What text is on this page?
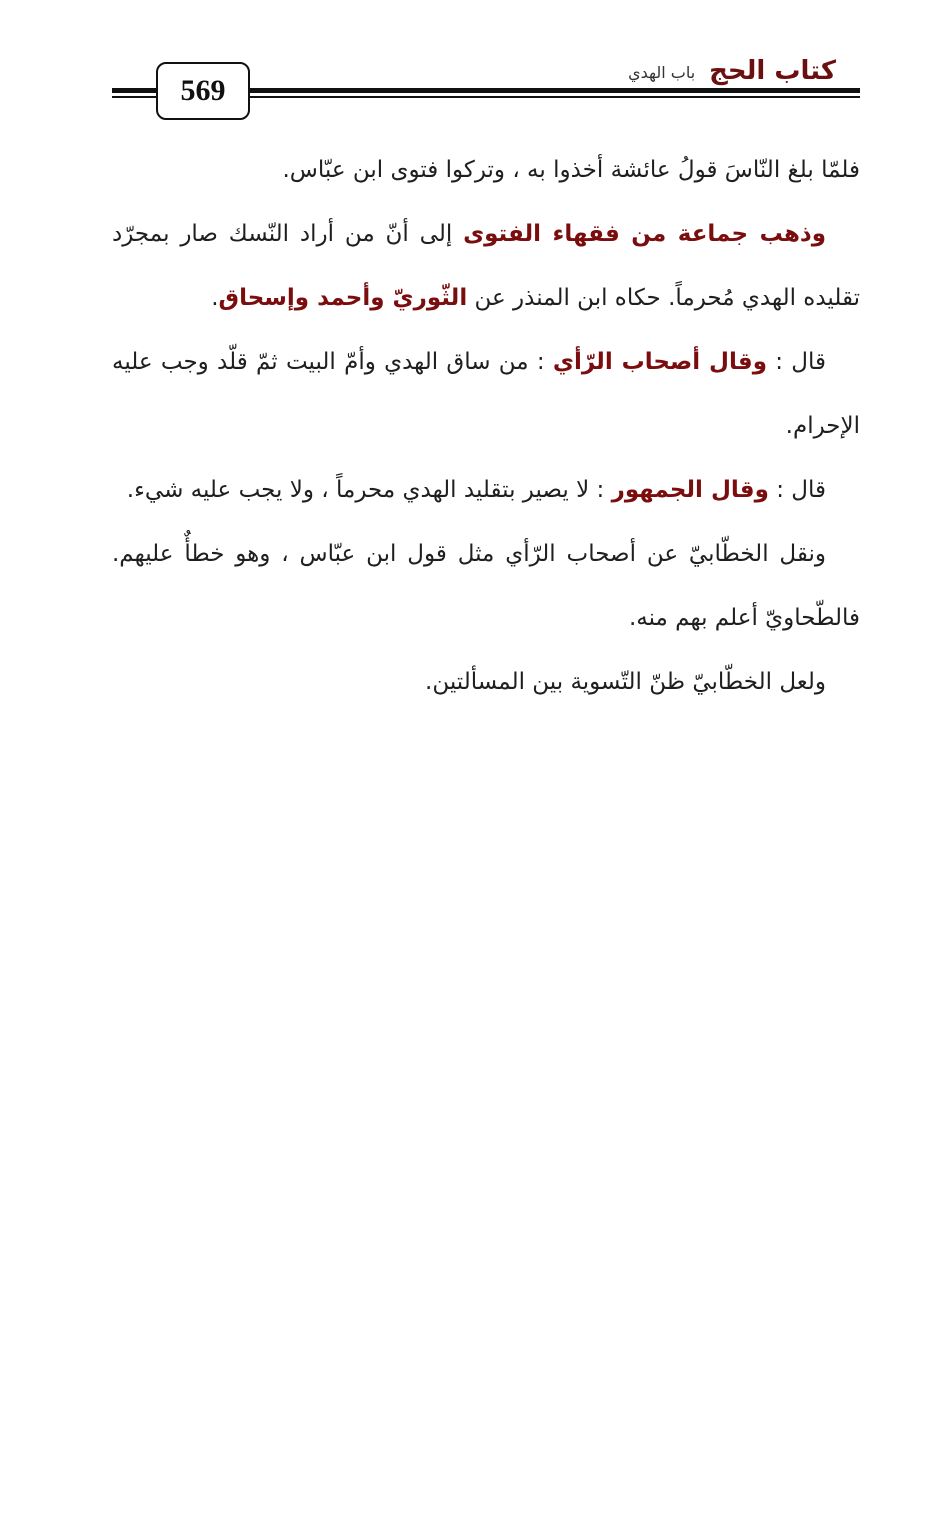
569
كتاب الحج
باب الهدي

فلمّا بلغ النّاسَ قولُ عائشة أخذوا به ، وتركوا فتوى ابن عبّاس.

وذهب جماعة من فقهاء الفتوى إلى أنّ من أراد النّسك صار بمجرّد تقليده الهدي مُحرماً. حكاه ابن المنذر عن الثّوريّ وأحمد وإسحاق.

قال : وقال أصحاب الرّأي : من ساق الهدي وأمّ البيت ثمّ قلّد وجب عليه الإحرام.

قال : وقال الجمهور : لا يصير بتقليد الهدي محرماً ، ولا يجب عليه شيء.

ونقل الخطّابيّ عن أصحاب الرّأي مثل قول ابن عبّاس ، وهو خطأٌ عليهم. فالطّحاويّ أعلم بهم منه.

ولعل الخطّابيّ ظنّ التّسوية بين المسألتين.
